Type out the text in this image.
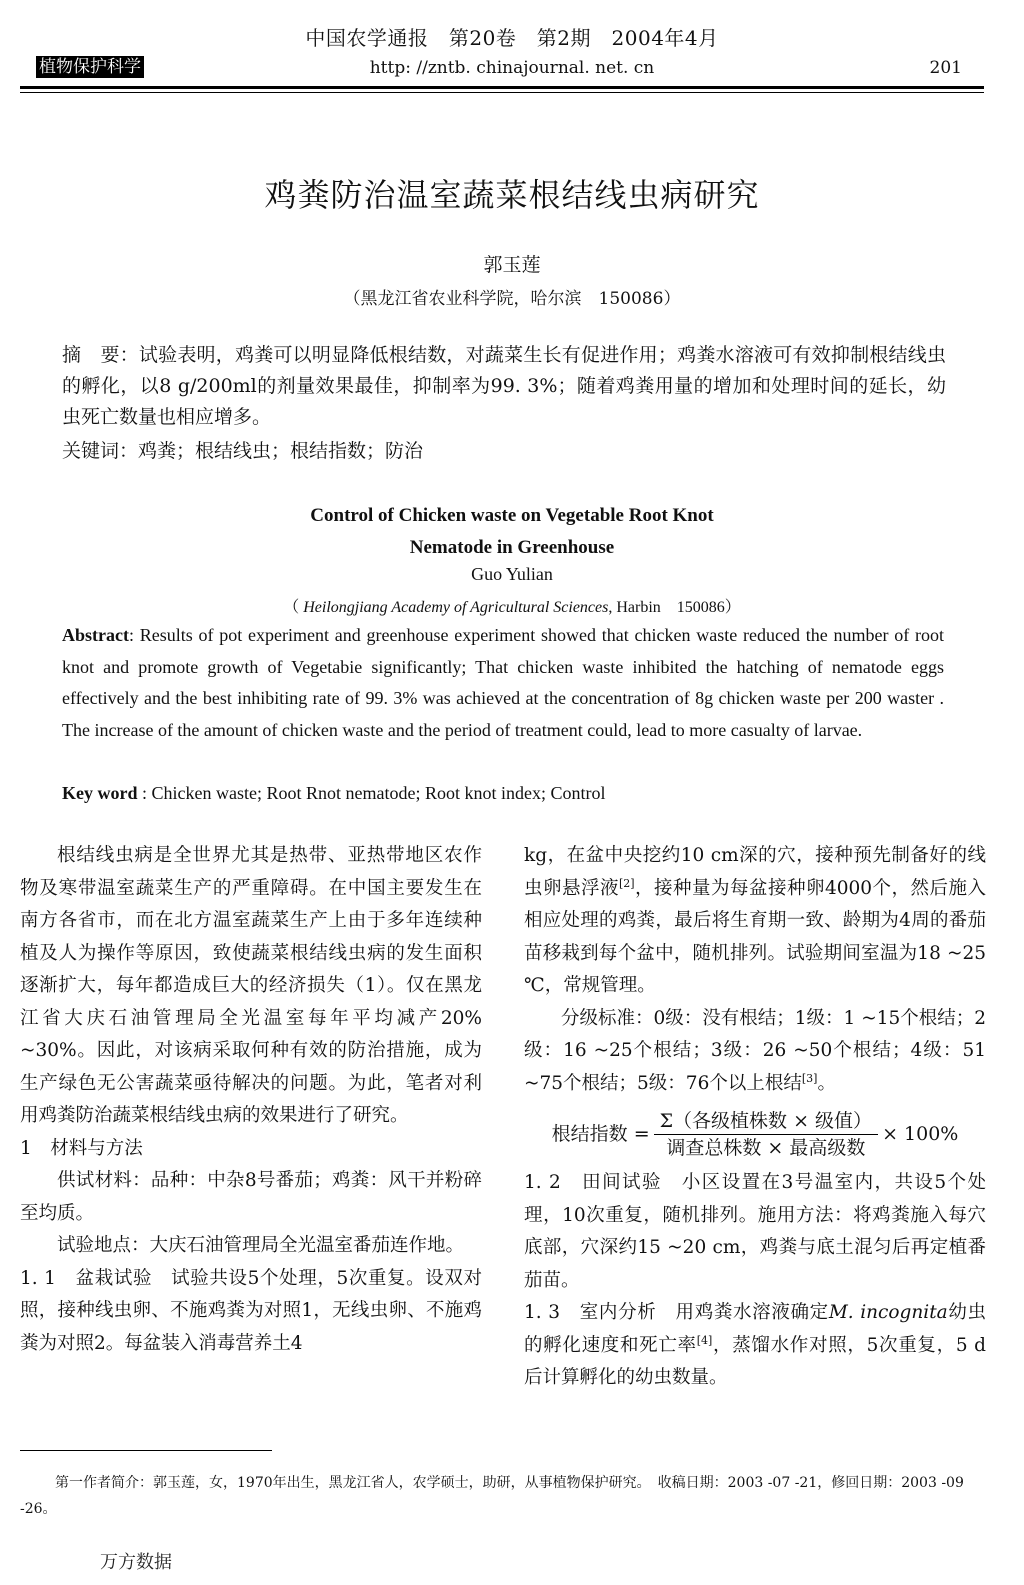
中国农学通报　第20卷　第2期　2004年4月
植物保护科学	http: //zntb. chinajournal. net. cn	201
鸡粪防治温室蔬菜根结线虫病研究
郭玉莲
（黑龙江省农业科学院，哈尔滨　150086）
摘　要：试验表明，鸡粪可以明显降低根结数，对蔬菜生长有促进作用；鸡粪水溶液可有效抑制根结线虫的孵化，以8 g/200ml的剂量效果最佳，抑制率为99. 3%；随着鸡粪用量的增加和处理时间的延长，幼虫死亡数量也相应增多。
关键词：鸡粪；根结线虫；根结指数；防治
Control of Chicken waste on Vegetable Root Knot
Nematode in Greenhouse
Guo Yulian
（ Heilongjiang Academy of Agricultural Sciences, Harbin　150086）
Abstract: Results of pot experiment and greenhouse experiment showed that chicken waste reduced the number of root knot and promote growth of Vegetabie significantly; That chicken waste inhibited the hatching of nematode eggs effectively and the best inhibiting rate of 99. 3% was achieved at the concentration of 8g chicken waste per 200 waster . The increase of the amount of chicken waste and the period of treatment could, lead to more casualty of larvae.
Key word : Chicken waste; Root Rnot nematode; Root knot index; Control

根结线虫病是全世界尤其是热带、亚热带地区农作物及寒带温室蔬菜生产的严重障碍。在中国主要发生在南方各省市，而在北方温室蔬菜生产上由于多年连续种植及人为操作等原因，致使蔬菜根结线虫病的发生面积逐渐扩大，每年都造成巨大的经济损失（1）。仅在黑龙江省大庆石油管理局全光温室每年平均减产20% ~30%。因此，对该病采取何种有效的防治措施，成为生产绿色无公害蔬菜亟待解决的问题。为此，笔者对利用鸡粪防治蔬菜根结线虫病的效果进行了研究。

1　材料与方法

供试材料：品种：中杂8号番茄；鸡粪：风干并粉碎至均质。

试验地点：大庆石油管理局全光温室番茄连作地。

1. 1　盆栽试验　试验共设5个处理，5次重复。设双对照，接种线虫卵、不施鸡粪为对照1，无线虫卵、不施鸡粪为对照2。每盆装入消毒营养土4

kg，在盆中央挖约10 cm深的穴，接种预先制备好的线虫卵悬浮液[2]，接种量为每盆接种卵4000个，然后施入相应处理的鸡粪，最后将生育期一致、龄期为4周的番茄苗移栽到每个盆中，随机排列。试验期间室温为18 ~25 ℃，常规管理。

分级标准：0级：没有根结；1级：1 ~15个根结；2级：16 ~25个根结；3级：26 ~50个根结；4级：51 ~75个根结；5级：76个以上根结[3]。

根结指数 = $\frac{\text{Σ（各级植株数 × 级值）}}{\text{调查总株数 × 最高级数}} \times 100\%$

1. 2　田间试验　小区设置在3号温室内，共设5个处理，10次重复，随机排列。施用方法：将鸡粪施入每穴底部，穴深约15 ~20 cm，鸡粪与底土混匀后再定植番茄苗。

1. 3　室内分析　用鸡粪水溶液确定M. incognita幼虫的孵化速度和死亡率[4]，蒸馏水作对照，5次重复，5 d后计算孵化的幼虫数量。

第一作者简介：郭玉莲，女，1970年出生，黑龙江省人，农学硕士，助研，从事植物保护研究。　收稿日期：2003 -07 -21，修回日期：2003 -09 -26。
万方数据
